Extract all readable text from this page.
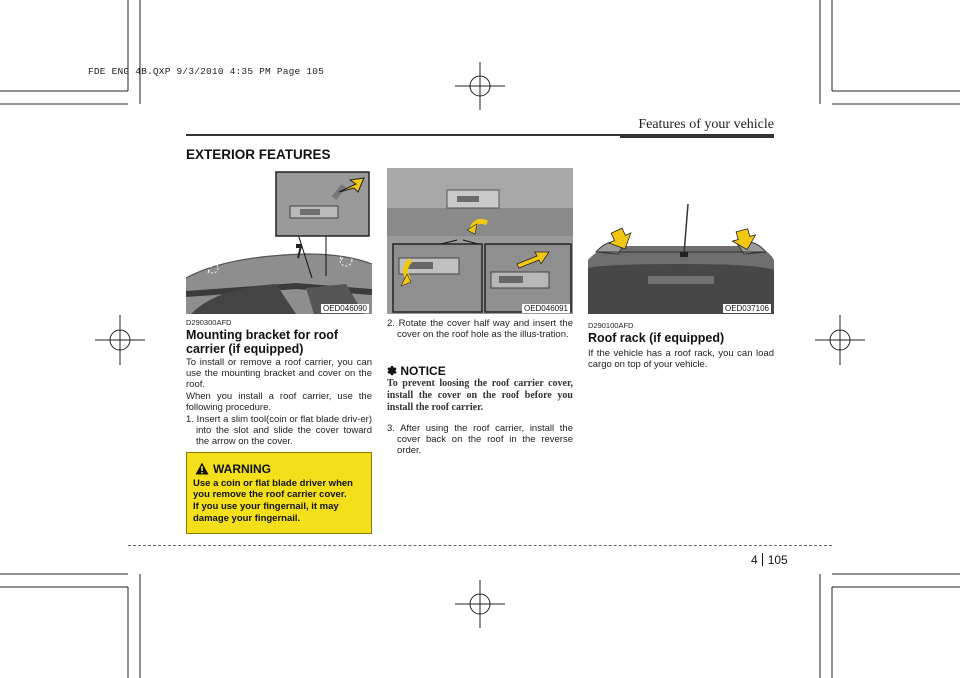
FDE ENG 4B.QXP 9/3/2010 4:35 PM Page 105
Features of your vehicle
EXTERIOR FEATURES
OED046090	OED046091	OED037106
D290300AFD
Mounting bracket for roof carrier (if equipped)
To install or remove a roof carrier, you can use the mounting bracket and cover on the roof.
When you install a roof carrier, use the following procedure.
1. Insert a slim tool(coin or flat blade driv-er) into the slot and slide the cover toward the arrow on the cover.
WARNING
Use a coin or flat blade driver when you remove the roof carrier cover.
If you use your fingernail, it may damage your fingernail.
2. Rotate the cover half way and insert the cover on the roof hole as the illus-tration.
✽ NOTICE
To prevent loosing the roof carrier cover, install the cover on the roof before you install the roof carrier.
3. After using the roof carrier, install the cover back on the roof in the reverse order.
D290100AFD
Roof rack (if equipped)
If the vehicle has a roof rack, you can load cargo on top of your vehicle.
4 105
